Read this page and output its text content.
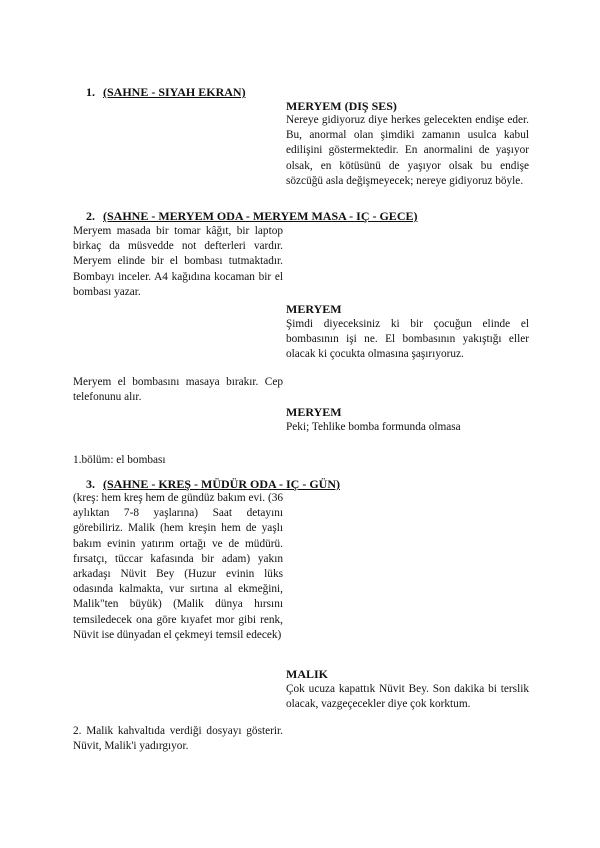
1. (SAHNE - SIYAH EKRAN)
MERYEM (DIŞ SES)
Nereye gidiyoruz diye herkes gelecekten endişe eder. Bu, anormal olan şimdiki zamanın usulca kabul edilişini göstermektedir. En anormalini de yaşıyor olsak, en kötüsünü de yaşıyor olsak bu endişe sözcüğü asla değişmeyecek; nereye gidiyoruz böyle.
2. (SAHNE - MERYEM ODA - MERYEM MASA - IÇ - GECE)
Meryem masada bir tomar kâğıt, bir laptop birkaç da müsvedde not defterleri vardır. Meryem elinde bir el bombası tutmaktadır. Bombayı inceler. A4 kağıdına kocaman bir el bombası yazar.
MERYEM
Şimdi diyeceksiniz ki bir çocuğun elinde el bombasının işi ne. El bombasının yakıştığı eller olacak ki çocukta olmasına şaşırıyoruz.
Meryem el bombasını masaya bırakır. Cep telefonunu alır.
MERYEM
Peki; Tehlike bomba formunda olmasa
1.bölüm: el bombası
3. (SAHNE - KREŞ - MÜDÜR ODA - IÇ - GÜN)
(kreş: hem kreş hem de gündüz bakım evi. (36 aylıktan 7-8 yaşlarına) Saat detayını görebiliriz. Malik (hem kreşin hem de yaşlı bakım evinin yatırım ortağı ve de müdürü. fırsatçı, tüccar kafasında bir adam) yakın arkadaşı Nüvit Bey (Huzur evinin lüks odasında kalmakta, vur sırtına al ekmeğini, Malik"ten büyük) (Malik dünya hırsını temsiledecek ona göre kıyafet mor gibi renk, Nüvit ise dünyadan el çekmeyi temsil edecek)
MALIK
Çok ucuza kapattık Nüvit Bey. Son dakika bi terslik olacak, vazgeçecekler diye çok korktum.
2. Malik kahvaltıda verdiği dosyayı gösterir. Nüvit, Malik'i yadırgıyor.
